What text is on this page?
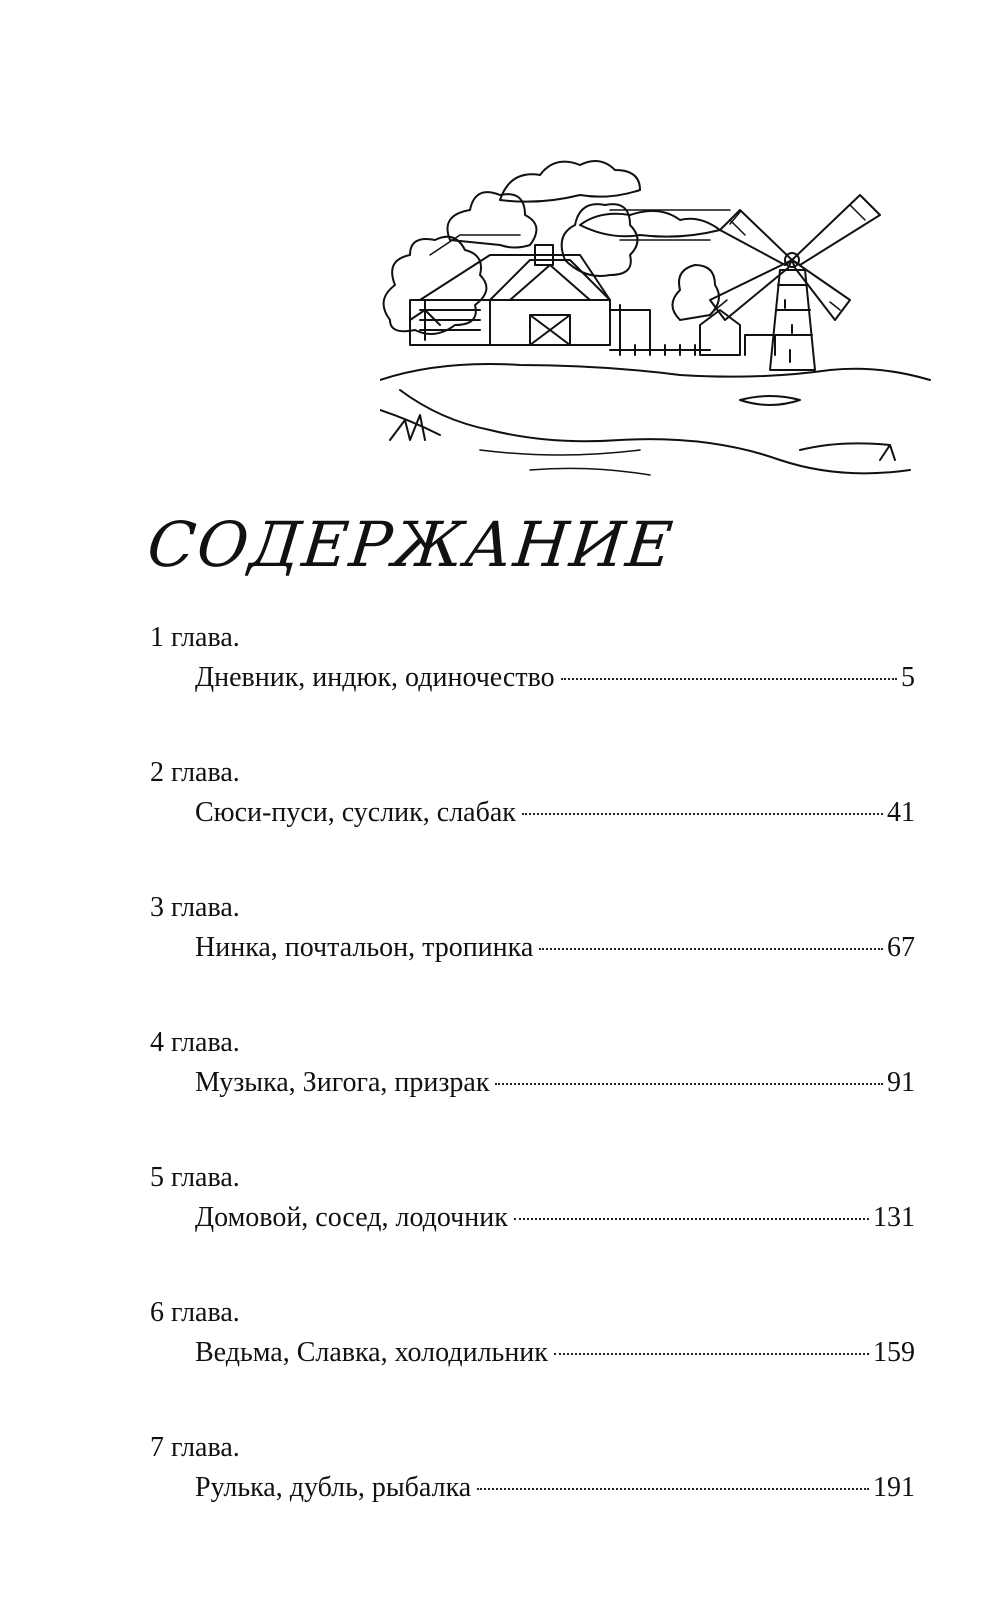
СОДЕРЖАНИЕ
1 глава.
Дневник, индюк, одиночество	5
2 глава.
Сюси-пуси, суслик, слабак	41
3 глава.
Нинка, почтальон, тропинка	67
4 глава.
Музыка, Зигога, призрак	91
5 глава.
Домовой, сосед, лодочник	131
6 глава.
Ведьма, Славка, холодильник	159
7 глава.
Рулька, дубль, рыбалка	191
